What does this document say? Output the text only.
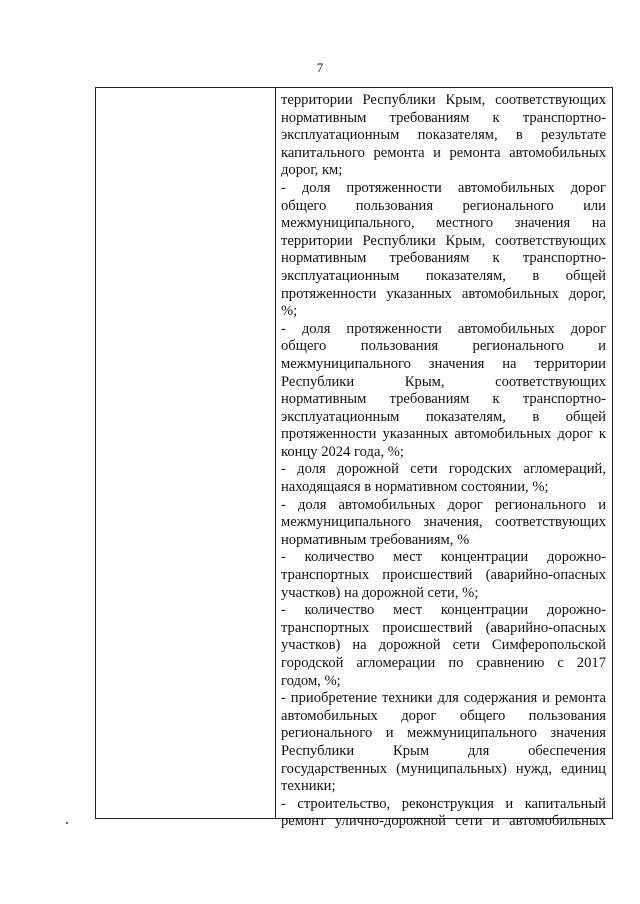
7
территории Республики Крым, соответствующих
нормативным требованиям к транспортно-
эксплуатационным показателям, в результате
капитального ремонта и ремонта автомобильных
дорог, км;
- доля протяженности автомобильных дорог
общего пользования регионального или
межмуниципального, местного значения на
территории Республики Крым, соответствующих
нормативным требованиям к транспортно-
эксплуатационным показателям, в общей
протяженности указанных автомобильных дорог,
%;
- доля протяженности автомобильных дорог
общего пользования регионального и
межмуниципального значения на территории
Республики Крым, соответствующих
нормативным требованиям к транспортно-
эксплуатационным показателям, в общей
протяженности указанных автомобильных дорог к
концу 2024 года, %;
- доля дорожной сети городских агломераций,
находящаяся в нормативном состоянии, %;
- доля автомобильных дорог регионального и
межмуниципального значения, соответствующих
нормативным требованиям, %
- количество мест концентрации дорожно-
транспортных происшествий (аварийно-опасных
участков) на дорожной сети, %;
- количество мест концентрации дорожно-
транспортных происшествий (аварийно-опасных
участков) на дорожной сети Симферопольской
городской агломерации по сравнению с 2017
годом, %;
- приобретение техники для содержания и ремонта
автомобильных дорог общего пользования
регионального и межмуниципального значения
Республики Крым для обеспечения
государственных (муниципальных) нужд, единиц
техники;
- строительство, реконструкция и капитальный
ремонт улично-дорожной сети и автомобильных
